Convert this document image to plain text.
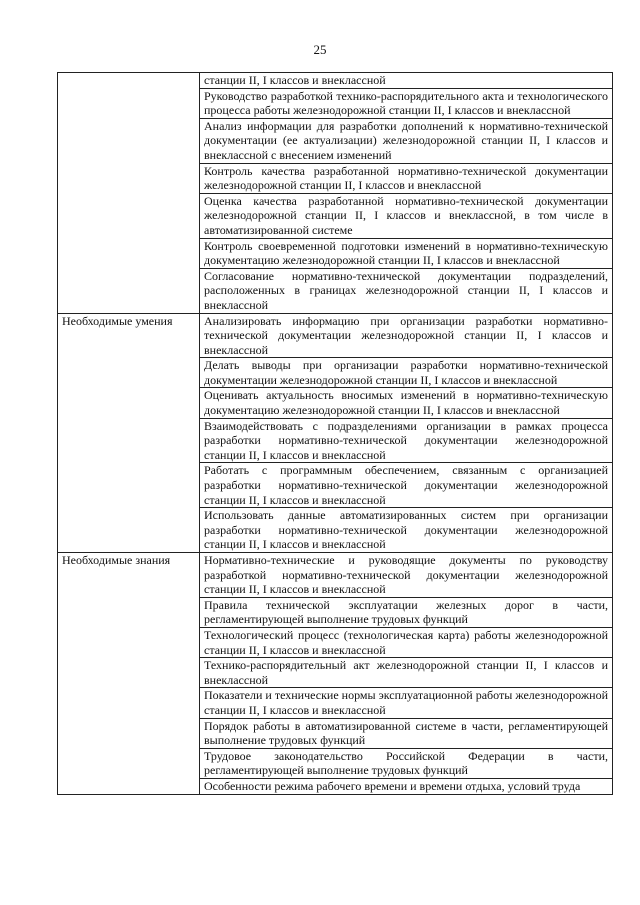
25
	станции II, I классов и внеклассной
	Руководство разработкой технико-распорядительного акта и технологического процесса работы железнодорожной станции II, I классов и внеклассной
	Анализ информации для разработки дополнений к нормативно-технической документации (ее актуализации) железнодорожной станции II, I классов и внеклассной с внесением изменений
	Контроль качества разработанной нормативно-технической документации железнодорожной станции II, I классов и внеклассной
	Оценка качества разработанной нормативно-технической документации железнодорожной станции II, I классов и внеклассной, в том числе в автоматизированной системе
	Контроль своевременной подготовки изменений в нормативно-техническую документацию железнодорожной станции II, I классов и внеклассной
	Согласование нормативно-технической документации подразделений, расположенных в границах железнодорожной станции II, I классов и внеклассной
Необходимые умения	Анализировать информацию при организации разработки нормативно-технической документации железнодорожной станции II, I классов и внеклассной
	Делать выводы при организации разработки нормативно-технической документации железнодорожной станции II, I классов и внеклассной
	Оценивать актуальность вносимых изменений в нормативно-техническую документацию железнодорожной станции II, I классов и внеклассной
	Взаимодействовать с подразделениями организации в рамках процесса разработки нормативно-технической документации железнодорожной станции II, I классов и внеклассной
	Работать с программным обеспечением, связанным с организацией разработки нормативно-технической документации железнодорожной станции II, I классов и внеклассной
	Использовать данные автоматизированных систем при организации разработки нормативно-технической документации железнодорожной станции II, I классов и внеклассной
Необходимые знания	Нормативно-технические и руководящие документы по руководству разработкой нормативно-технической документации железнодорожной станции II, I классов и внеклассной
	Правила технической эксплуатации железных дорог в части, регламентирующей выполнение трудовых функций
	Технологический процесс (технологическая карта) работы железнодорожной станции II, I классов и внеклассной
	Технико-распорядительный акт железнодорожной станции II, I классов и внеклассной
	Показатели и технические нормы эксплуатационной работы железнодорожной станции II, I классов и внеклассной
	Порядок работы в автоматизированной системе в части, регламентирующей выполнение трудовых функций
	Трудовое законодательство Российской Федерации в части, регламентирующей выполнение трудовых функций
	Особенности режима рабочего времени и времени отдыха, условий труда
